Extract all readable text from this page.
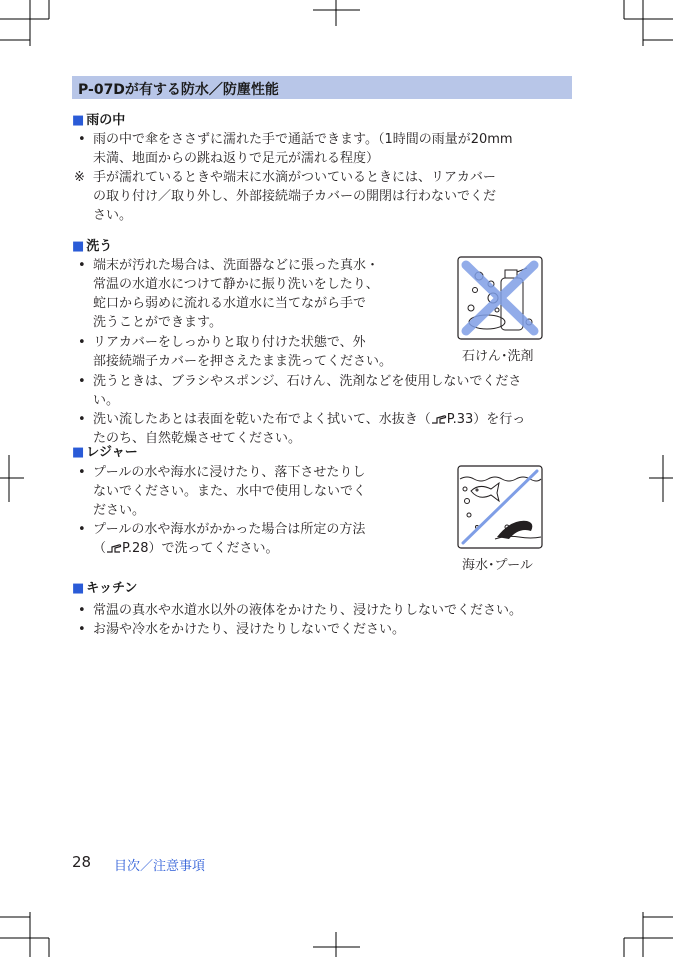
P-07Dが有する防水／防塵性能
■ 雨の中
• 雨の中で傘をささずに濡れた手で通話できます。（1時間の雨量が20mm
未満、地面からの跳ね返りで足元が濡れる程度）
※ 手が濡れているときや端末に水滴がついているときには、リアカバー
の取り付け／取り外し、外部接続端子カバーの開閉は行わないでくだ
さい。
■ 洗う
• 端末が汚れた場合は、洗面器などに張った真水・
常温の水道水につけて静かに振り洗いをしたり、
蛇口から弱めに流れる水道水に当てながら手で
洗うことができます。
• リアカバーをしっかりと取り付けた状態で、外
部接続端子カバーを押さえたまま洗ってください。
• 洗うときは、ブラシやスポンジ、石けん、洗剤などを使用しないでくださ
い。
• 洗い流したあとは表面を乾いた布でよく拭いて、水抜き（ P.33）を行っ
たのち、自然乾燥させてください。
石けん･洗剤
■ レジャー
• プールの水や海水に浸けたり、落下させたりし
ないでください。また、水中で使用しないでく
ださい。
• プールの水や海水がかかった場合は所定の方法
（ P.28）で洗ってください。
海水･プール
■ キッチン
• 常温の真水や水道水以外の液体をかけたり、浸けたりしないでください。
• お湯や冷水をかけたり、浸けたりしないでください。
28 目次／注意事項
